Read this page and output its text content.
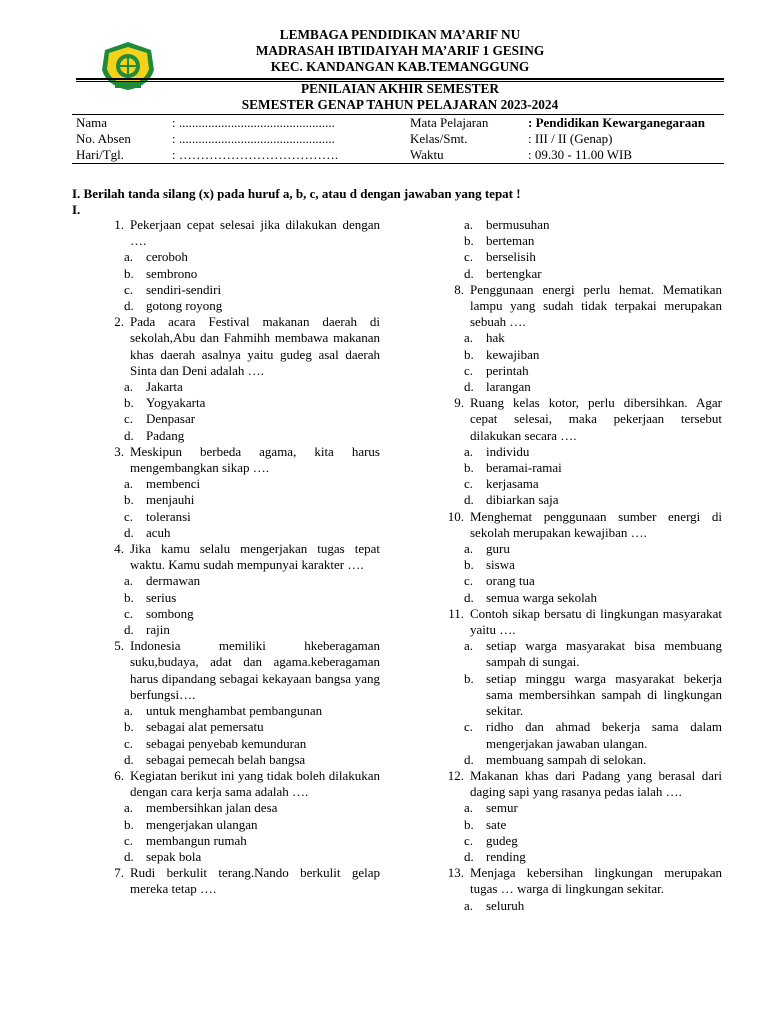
LEMBAGA PENDIDIKAN MA’ARIF NU
MADRASAH IBTIDAIYAH MA’ARIF 1 GESING
KEC. KANDANGAN KAB.TEMANGGUNG
PENILAIAN AKHIR SEMESTER
SEMESTER GENAP TAHUN PELAJARAN 2023-2024
Nama	: ................................................	Mata Pelajaran	: Pendidikan Kewarganegaraan
No. Absen	: ................................................	Kelas/Smt.	: III / II (Genap)
Hari/Tgl.	: ……………………………….	Waktu	: 09.30 - 11.00 WIB
I. Berilah tanda silang (x) pada huruf a, b, c, atau d dengan jawaban yang tepat !
I.
1. Pekerjaan cepat selesai jika dilakukan dengan ….
a. ceroboh
b. sembrono
c. sendiri-sendiri
d. gotong royong
2. Pada acara Festival makanan daerah di sekolah,Abu dan Fahmihh membawa makanan khas daerah asalnya yaitu gudeg asal daerah Sinta dan Deni adalah ….
a. Jakarta
b. Yogyakarta
c. Denpasar
d. Padang
3. Meskipun berbeda agama, kita harus mengembangkan sikap ….
a. membenci
b. menjauhi
c. toleransi
d. acuh
4. Jika kamu selalu mengerjakan tugas tepat waktu. Kamu sudah mempunyai karakter ….
a. dermawan
b. serius
c. sombong
d. rajin
5. Indonesia memiliki hkeberagaman suku,budaya, adat dan agama.keberagaman harus dipandang sebagai kekayaan bangsa yang berfungsi….
a. untuk menghambat pembangunan
b. sebagai alat pemersatu
c. sebagai penyebab kemunduran
d. sebagai pemecah belah bangsa
6. Kegiatan berikut ini yang tidak boleh dilakukan dengan cara kerja sama adalah ….
a. membersihkan jalan desa
b. mengerjakan ulangan
c. membangun rumah
d. sepak bola
7. Rudi berkulit terang.Nando berkulit gelap mereka tetap ….
a. bermusuhan
b. berteman
c. berselisih
d. bertengkar
8. Penggunaan energi perlu hemat. Mematikan lampu yang sudah tidak terpakai merupakan sebuah ….
a. hak
b. kewajiban
c. perintah
d. larangan
9. Ruang kelas kotor, perlu dibersihkan. Agar cepat selesai, maka pekerjaan tersebut dilakukan secara ….
a. individu
b. beramai-ramai
c. kerjasama
d. dibiarkan saja
10. Menghemat penggunaan sumber energi di sekolah merupakan kewajiban ….
a. guru
b. siswa
c. orang tua
d. semua warga sekolah
11. Contoh sikap bersatu di lingkungan masyarakat yaitu ….
a. setiap warga masyarakat bisa membuang sampah di sungai.
b. setiap minggu warga masyarakat bekerja sama membersihkan sampah di lingkungan sekitar.
c. ridho dan ahmad bekerja sama dalam mengerjakan jawaban ulangan.
d. membuang sampah di selokan.
12. Makanan khas dari Padang yang berasal dari daging sapi yang rasanya pedas ialah ….
a. semur
b. sate
c. gudeg
d. rending
13. Menjaga kebersihan lingkungan merupakan tugas … warga di lingkungan sekitar.
a. seluruh
